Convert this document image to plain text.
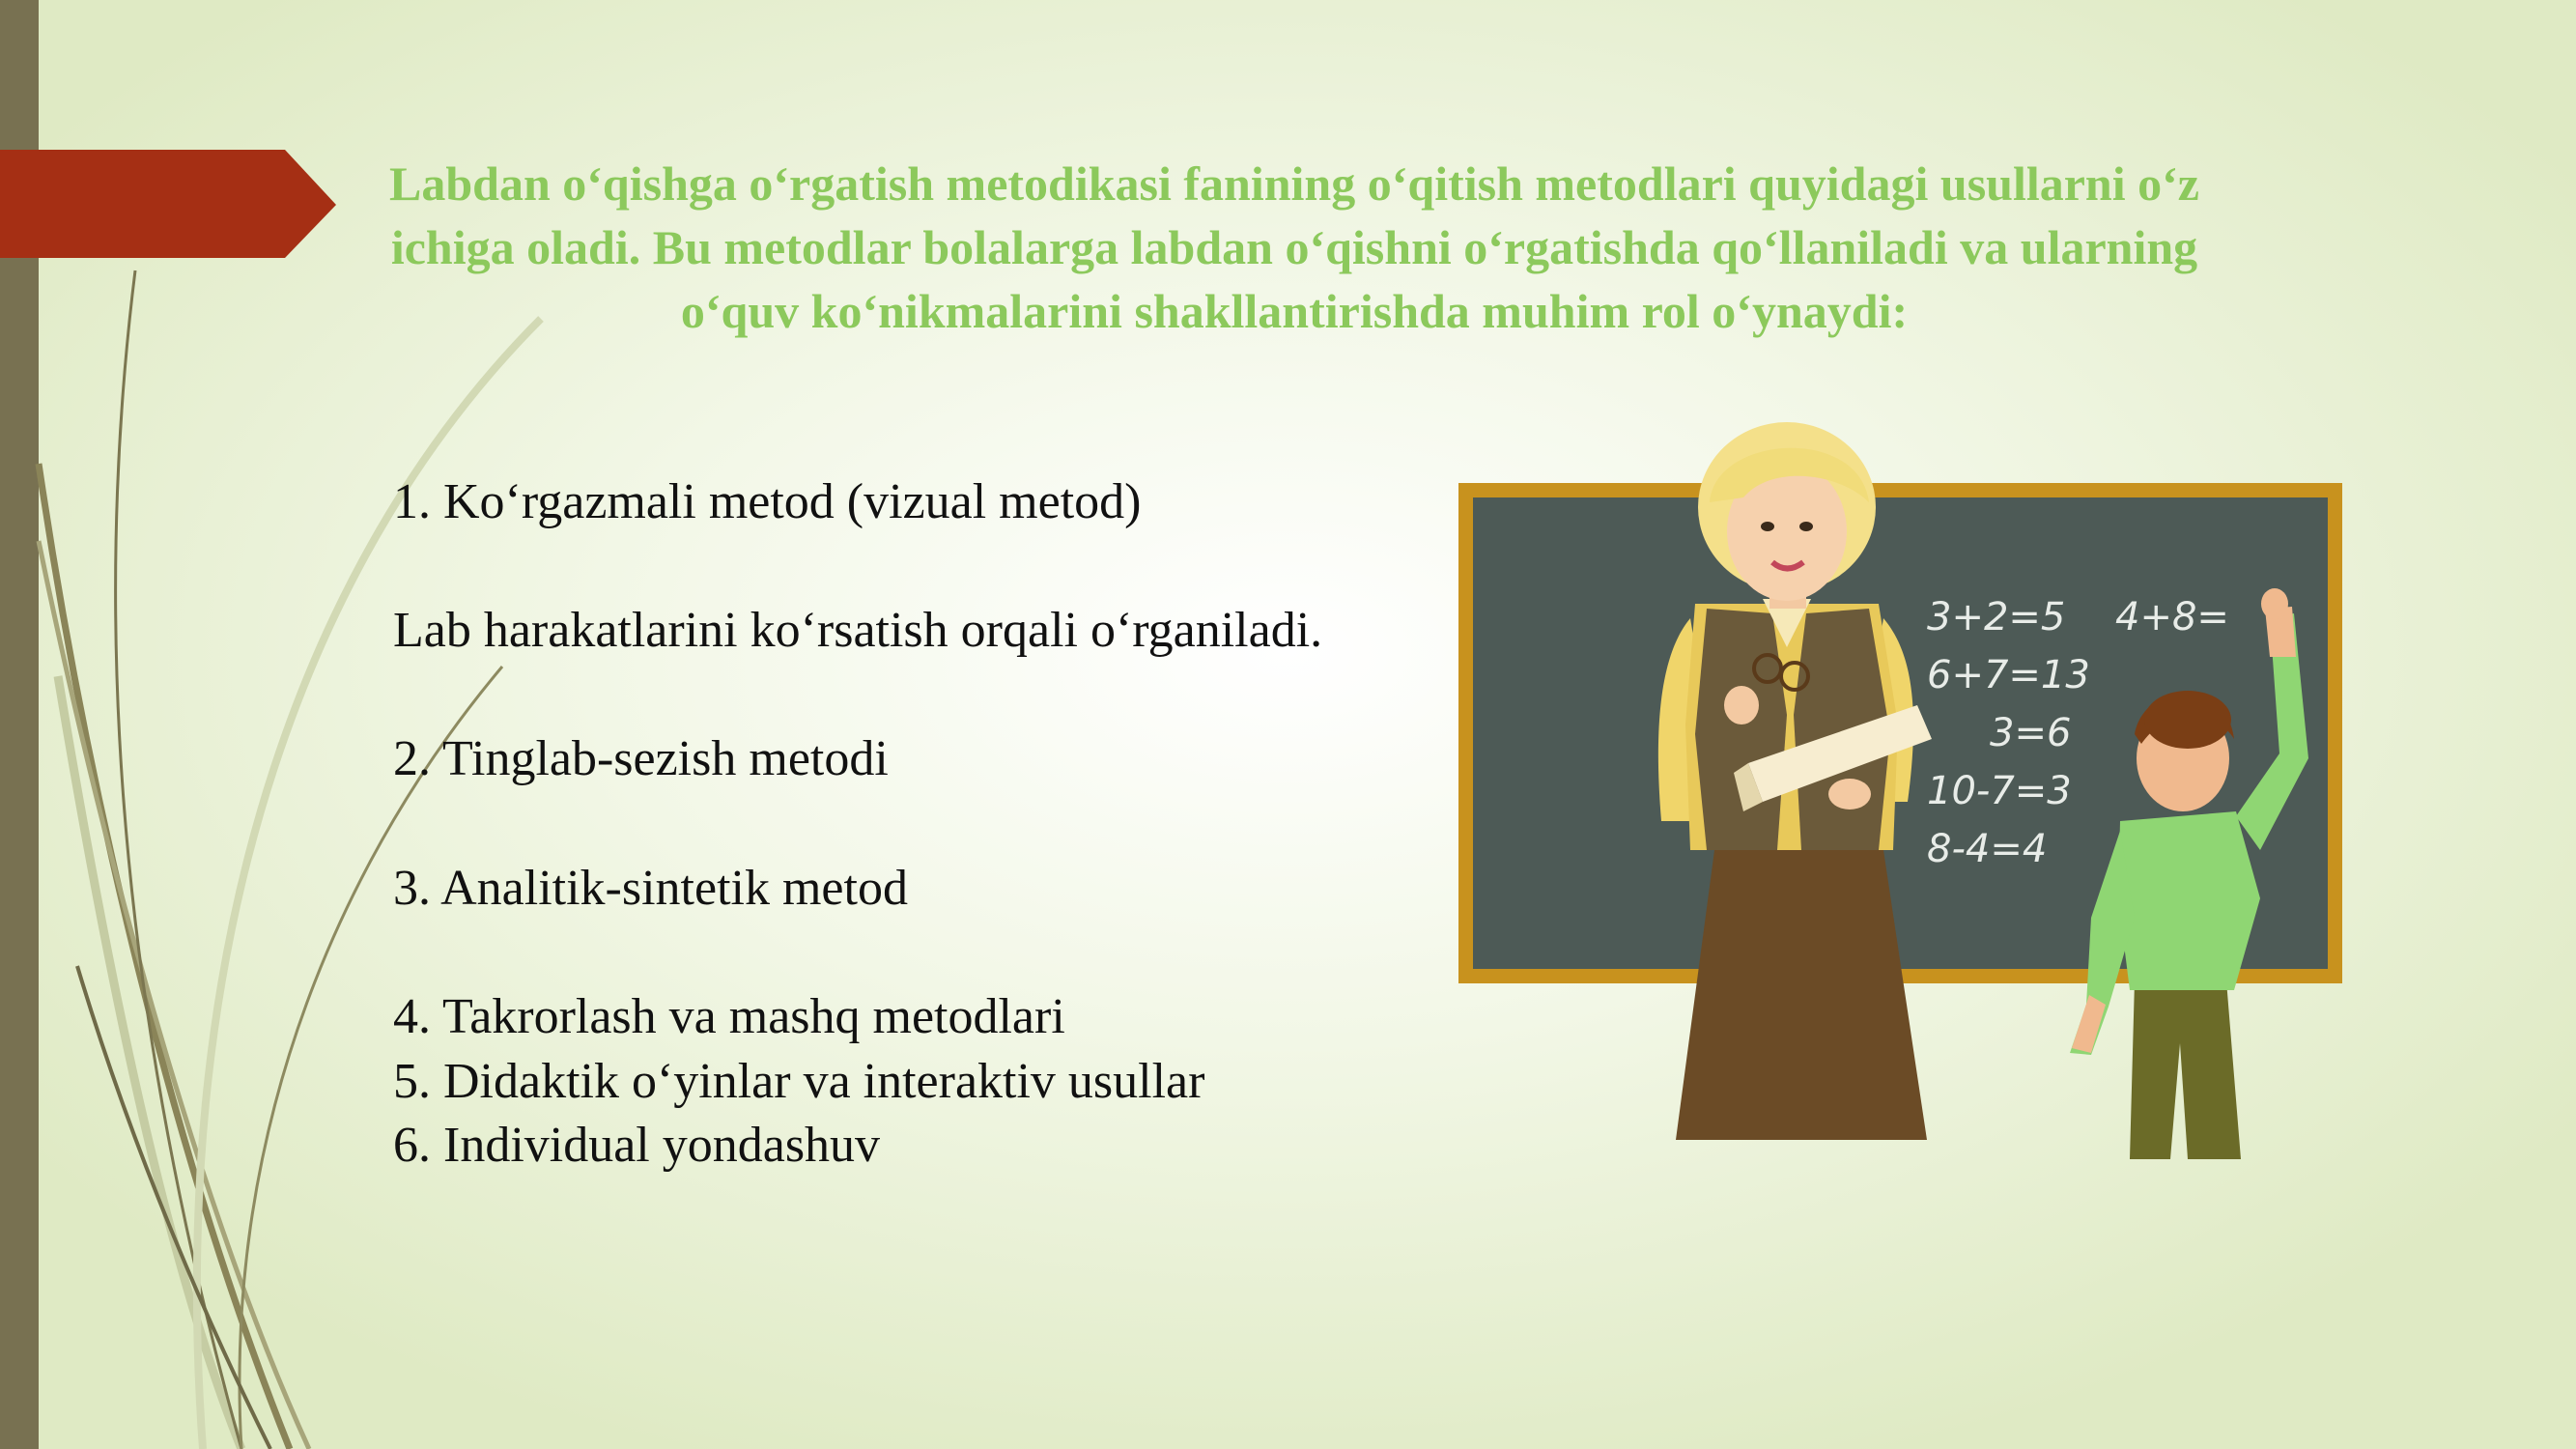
Labdan o‘qishga o‘rgatish metodikasi fanining o‘qitish metodlari quyidagi usullarni o‘z ichiga oladi. Bu metodlar bolalarga labdan o‘qishni o‘rgatishda qo‘llaniladi va ularning o‘quv ko‘nikmalarini shakllantirishda muhim rol o‘ynaydi:
1. Ko‘rgazmali metod (vizual metod)
Lab harakatlarini ko‘rsatish orqali o‘rganiladi.
2. Tinglab-sezish metodi
3. Analitik-sintetik metod
4. Takrorlash va mashq metodlari
5. Didaktik o‘yinlar va interaktiv usullar
6. Individual yondashuv
3+2=5 4+8=
6+7=13
3=6
10-7=3
8-4=4
